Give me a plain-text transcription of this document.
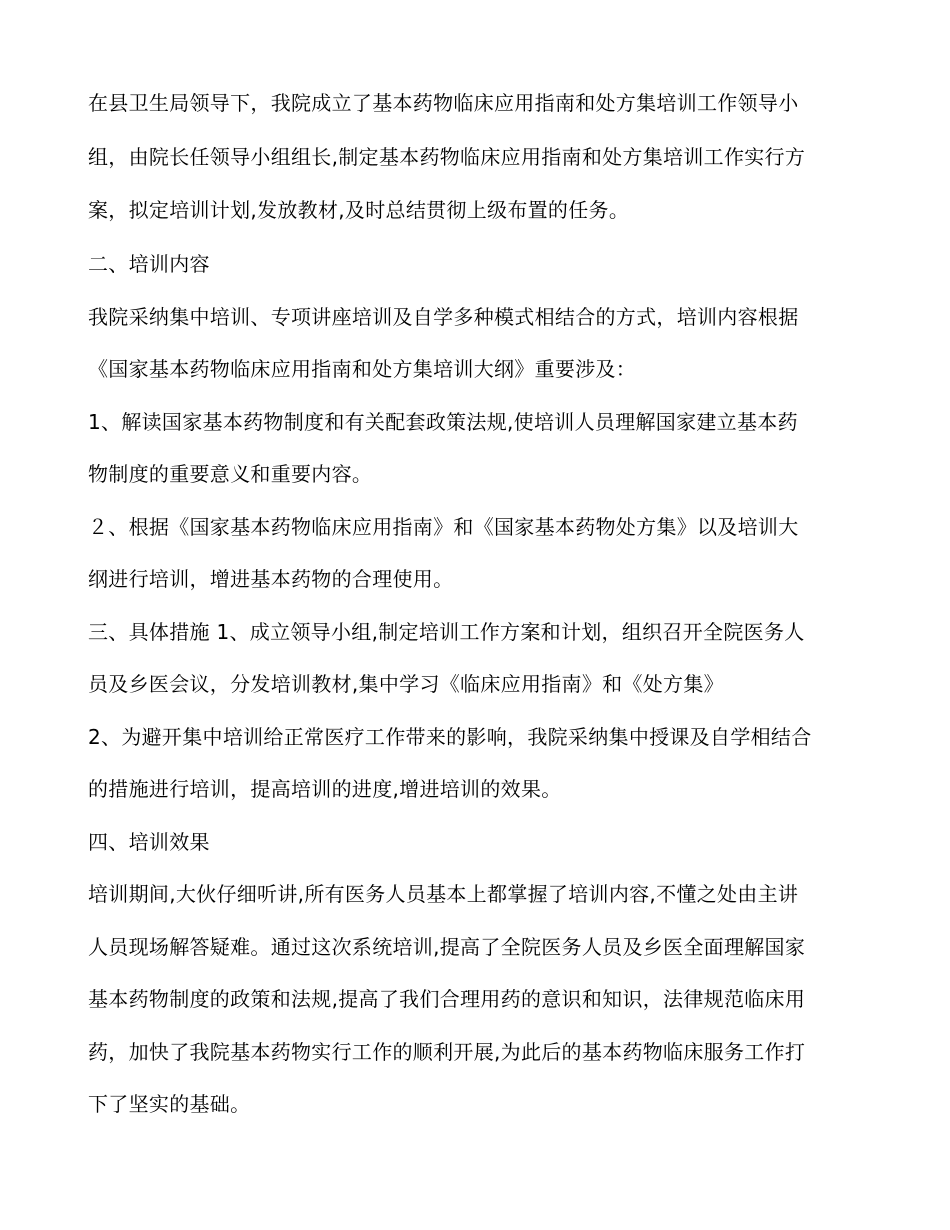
在县卫生局领导下，我院成立了基本药物临床应用指南和处方集培训工作领导小
组，由院长任领导小组组长,制定基本药物临床应用指南和处方集培训工作实行方
案，拟定培训计划,发放教材,及时总结贯彻上级布置的任务。
二、培训内容
我院采纳集中培训、专项讲座培训及自学多种模式相结合的方式，培训内容根据
《国家基本药物临床应用指南和处方集培训大纲》重要涉及：
1、解读国家基本药物制度和有关配套政策法规,使培训人员理解国家建立基本药
物制度的重要意义和重要内容。
２、根据《国家基本药物临床应用指南》和《国家基本药物处方集》以及培训大
纲进行培训，增进基本药物的合理使用。
三、具体措施 1、成立领导小组,制定培训工作方案和计划，组织召开全院医务人
员及乡医会议，分发培训教材,集中学习《临床应用指南》和《处方集》
2、为避开集中培训给正常医疗工作带来的影响，我院采纳集中授课及自学相结合
的措施进行培训，提高培训的进度,增进培训的效果。
四、培训效果
培训期间,大伙仔细听讲,所有医务人员基本上都掌握了培训内容,不懂之处由主讲
人员现场解答疑难。通过这次系统培训,提高了全院医务人员及乡医全面理解国家
基本药物制度的政策和法规,提高了我们合理用药的意识和知识，法律规范临床用
药，加快了我院基本药物实行工作的顺利开展,为此后的基本药物临床服务工作打
下了坚实的基础。
